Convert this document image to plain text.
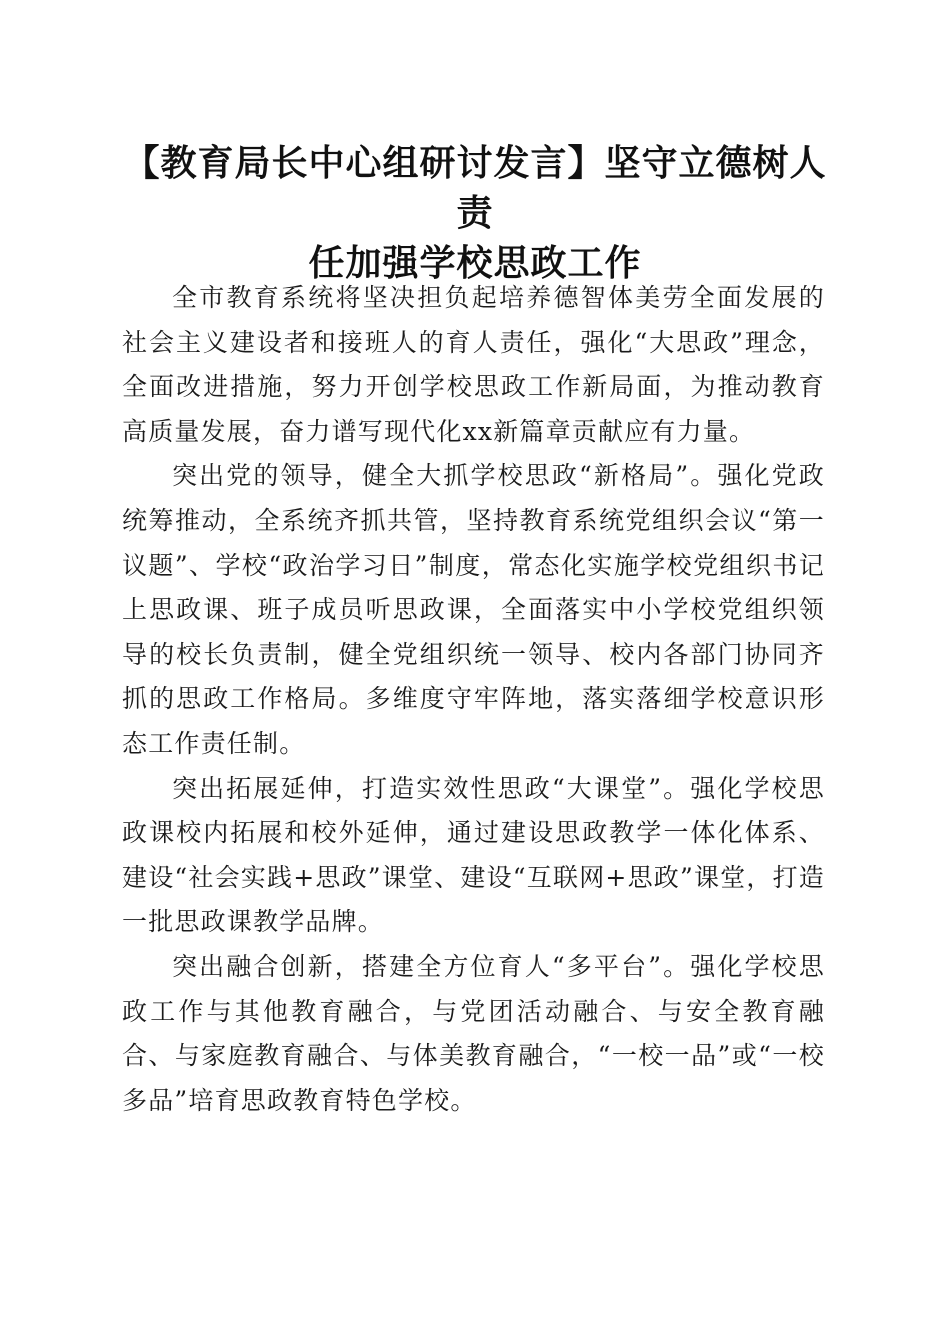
【教育局长中心组研讨发言】坚守立德树人责
任加强学校思政工作

全市教育系统将坚决担负起培养德智体美劳全面发展的社会主义建设者和接班人的育人责任，强化“大思政”理念，全面改进措施，努力开创学校思政工作新局面，为推动教育高质量发展，奋力谱写现代化xx新篇章贡献应有力量。

突出党的领导，健全大抓学校思政“新格局”。强化党政统筹推动，全系统齐抓共管，坚持教育系统党组织会议“第一议题”、学校“政治学习日”制度，常态化实施学校党组织书记上思政课、班子成员听思政课，全面落实中小学校党组织领导的校长负责制，健全党组织统一领导、校内各部门协同齐抓的思政工作格局。多维度守牢阵地，落实落细学校意识形态工作责任制。

突出拓展延伸，打造实效性思政“大课堂”。强化学校思政课校内拓展和校外延伸，通过建设思政教学一体化体系、建设“社会实践+思政”课堂、建设“互联网+思政”课堂，打造一批思政课教学品牌。

突出融合创新，搭建全方位育人“多平台”。强化学校思政工作与其他教育融合，与党团活动融合、与安全教育融合、与家庭教育融合、与体美教育融合，“一校一品”或“一校多品”培育思政教育特色学校。
